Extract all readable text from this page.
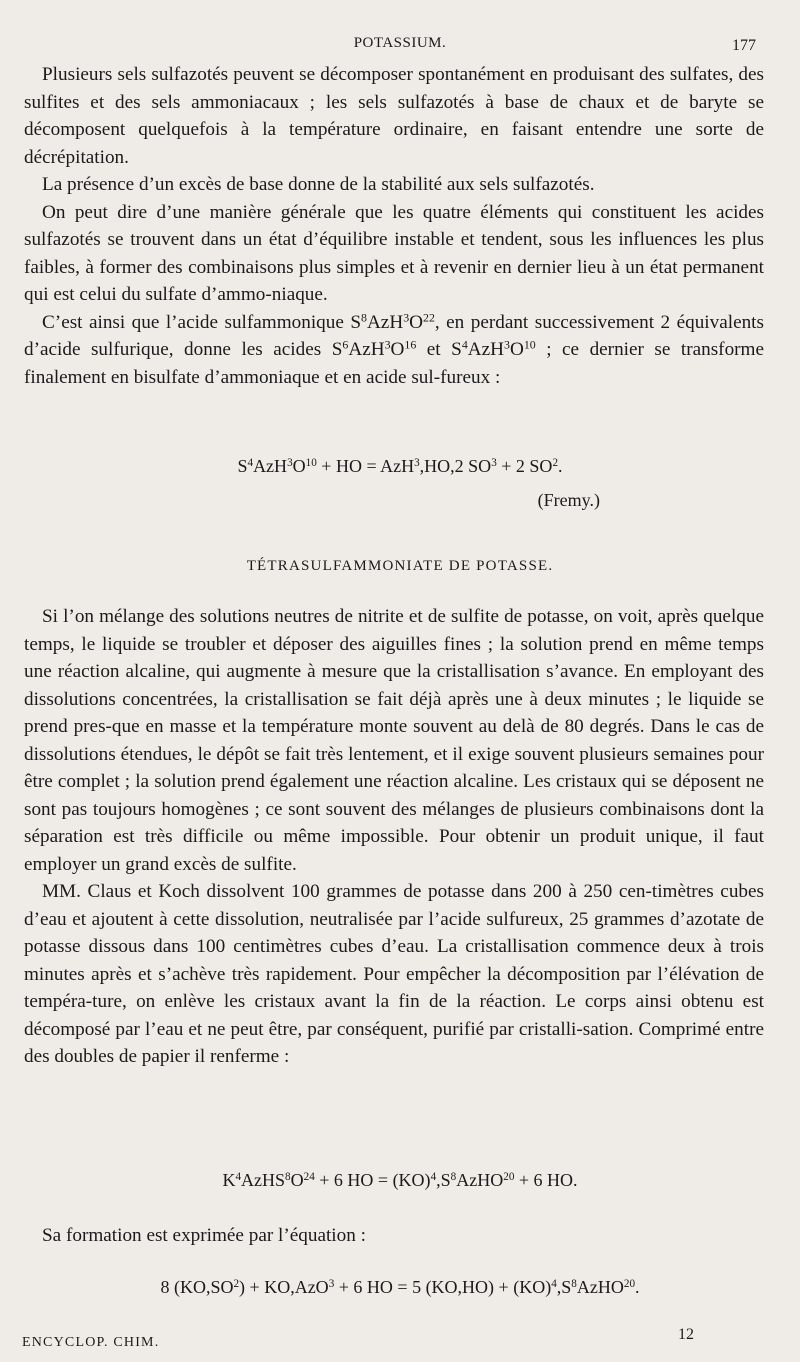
POTASSIUM.	177

Plusieurs sels sulfazotés peuvent se décomposer spontanément en produisant des sulfates, des sulfites et des sels ammoniacaux ; les sels sulfazotés à base de chaux et de baryte se décomposent quelquefois à la température ordinaire, en faisant entendre une sorte de décrépitation.

La présence d’un excès de base donne de la stabilité aux sels sulfazotés.

On peut dire d’une manière générale que les quatre éléments qui constituent les acides sulfazotés se trouvent dans un état d’équilibre instable et tendent, sous les influences les plus faibles, à former des combinaisons plus simples et à revenir en dernier lieu à un état permanent qui est celui du sulfate d’ammo-niaque.

C’est ainsi que l’acide sulfammonique $S^8AzH^3O^{22}$, en perdant successivement 2 équivalents d’acide sulfurique, donne les acides $S^6AzH^3O^{16}$ et $S^4AzH^3O^{10}$ ; ce dernier se transforme finalement en bisulfate d’ammoniaque et en acide sul-fureux :

$S^4AzH^3O^{10}$ + HO = AzH$^3$,HO,2 $SO^3 + 2$ $SO^2$.
(Fremy.)
TÉTRASULFAMMONIATE DE POTASSE.

Si l’on mélange des solutions neutres de nitrite et de sulfite de potasse, on voit, après quelque temps, le liquide se troubler et déposer des aiguilles fines ; la solution prend en même temps une réaction alcaline, qui augmente à mesure que la cristallisation s’avance. En employant des dissolutions concentrées, la cristallisation se fait déjà après une à deux minutes ; le liquide se prend pres-que en masse et la température monte souvent au delà de 80 degrés. Dans le cas de dissolutions étendues, le dépôt se fait très lentement, et il exige souvent plusieurs semaines pour être complet ; la solution prend également une réaction alcaline. Les cristaux qui se déposent ne sont pas toujours homogènes ; ce sont souvent des mélanges de plusieurs combinaisons dont la séparation est très difficile ou même impossible. Pour obtenir un produit unique, il faut employer un grand excès de sulfite.

MM. Claus et Koch dissolvent 100 grammes de potasse dans 200 à 250 cen-timètres cubes d’eau et ajoutent à cette dissolution, neutralisée par l’acide sulfureux, 25 grammes d’azotate de potasse dissous dans 100 centimètres cubes d’eau. La cristallisation commence deux à trois minutes après et s’achève très rapidement. Pour empêcher la décomposition par l’élévation de tempéra-ture, on enlève les cristaux avant la fin de la réaction. Le corps ainsi obtenu est décomposé par l’eau et ne peut être, par conséquent, purifié par cristalli-sation. Comprimé entre des doubles de papier il renferme :

$K^4AzHS^8O^{24} + 6$ HO = $(KO)^4,S^8AzHO^{20} + 6$ HO.

Sa formation est exprimée par l’équation :

8 $(KO,SO^2) + KO,AzO^3 + 6$ HO = 5 $(KO,HO) + (KO)^4,S^8AzHO^{20}$.
ENCYCLOP. CHIM.	12
